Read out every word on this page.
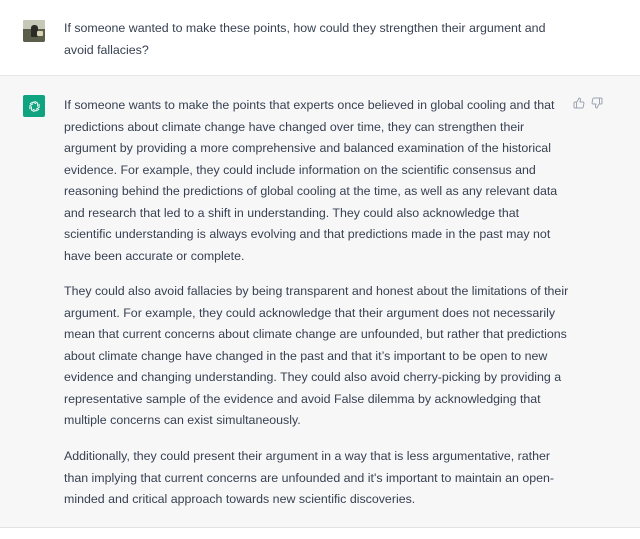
If someone wanted to make these points, how could they strengthen their argument and avoid fallacies?

If someone wants to make the points that experts once believed in global cooling and that predictions about climate change have changed over time, they can strengthen their argument by providing a more comprehensive and balanced examination of the historical evidence. For example, they could include information on the scientific consensus and reasoning behind the predictions of global cooling at the time, as well as any relevant data and research that led to a shift in understanding. They could also acknowledge that scientific understanding is always evolving and that predictions made in the past may not have been accurate or complete.

They could also avoid fallacies by being transparent and honest about the limitations of their argument. For example, they could acknowledge that their argument does not necessarily mean that current concerns about climate change are unfounded, but rather that predictions about climate change have changed in the past and that it’s important to be open to new evidence and changing understanding. They could also avoid cherry-picking by providing a representative sample of the evidence and avoid False dilemma by acknowledging that multiple concerns can exist simultaneously.

Additionally, they could present their argument in a way that is less argumentative, rather than implying that current concerns are unfounded and it's important to maintain an open-minded and critical approach towards new scientific discoveries.
